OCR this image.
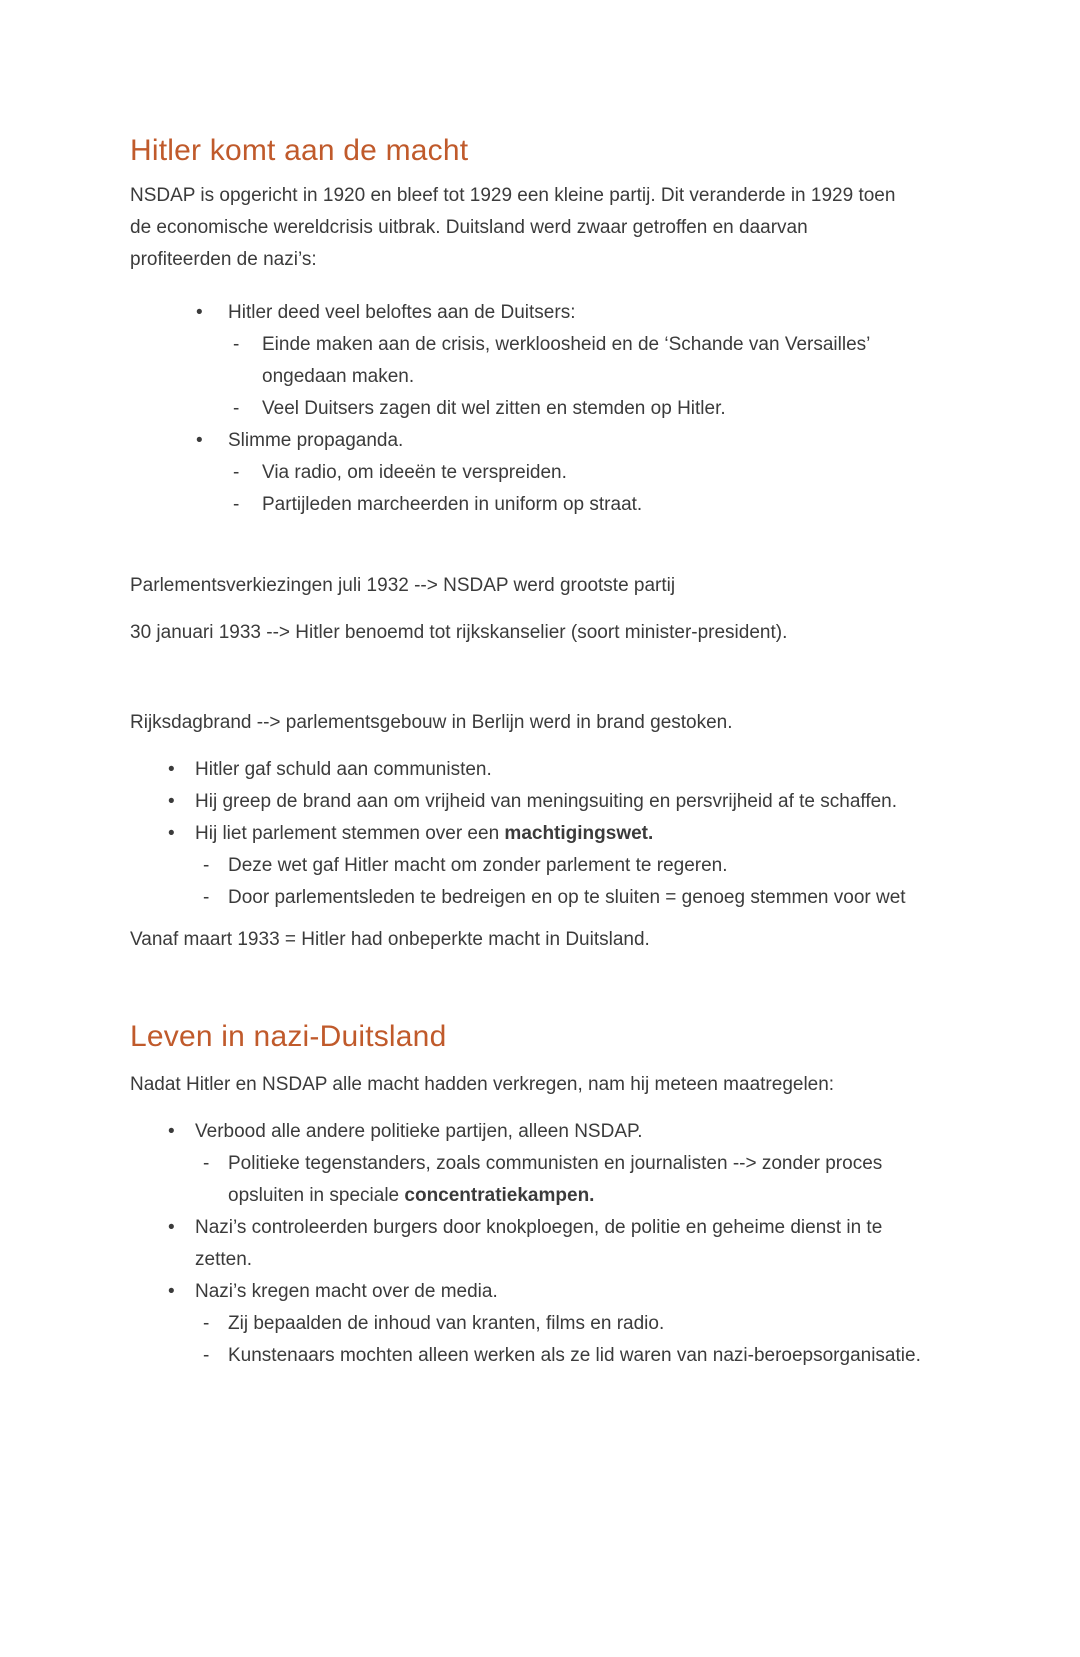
Hitler komt aan de macht
NSDAP is opgericht in 1920 en bleef tot 1929 een kleine partij. Dit veranderde in 1929 toen
de economische wereldcrisis uitbrak. Duitsland werd zwaar getroffen en daarvan
profiteerden de nazi’s:
•	Hitler deed veel beloftes aan de Duitsers:
-	Einde maken aan de crisis, werkloosheid en de ‘Schande van Versailles’
ongedaan maken.
-	Veel Duitsers zagen dit wel zitten en stemden op Hitler.
•	Slimme propaganda.
-	Via radio, om ideeën te verspreiden.
-	Partijleden marcheerden in uniform op straat.
Parlementsverkiezingen juli 1932 --> NSDAP werd grootste partij
30 januari 1933 --> Hitler benoemd tot rijkskanselier (soort minister-president).
Rijksdagbrand --> parlementsgebouw in Berlijn werd in brand gestoken.
•	Hitler gaf schuld aan communisten.
•	Hij greep de brand aan om vrijheid van meningsuiting en persvrijheid af te schaffen.
•	Hij liet parlement stemmen over een machtigingswet.
- Deze wet gaf Hitler macht om zonder parlement te regeren.
- Door parlementsleden te bedreigen en op te sluiten = genoeg stemmen voor wet
Vanaf maart 1933 = Hitler had onbeperkte macht in Duitsland.
Leven in nazi-Duitsland
Nadat Hitler en NSDAP alle macht hadden verkregen, nam hij meteen maatregelen:
•	Verbood alle andere politieke partijen, alleen NSDAP.
- Politieke tegenstanders, zoals communisten en journalisten --> zonder proces
opsluiten in speciale concentratiekampen.
•	Nazi’s controleerden burgers door knokploegen, de politie en geheime dienst in te
zetten.
•	Nazi’s kregen macht over de media.
- Zij bepaalden de inhoud van kranten, films en radio.
- Kunstenaars mochten alleen werken als ze lid waren van nazi-beroepsorganisatie.
